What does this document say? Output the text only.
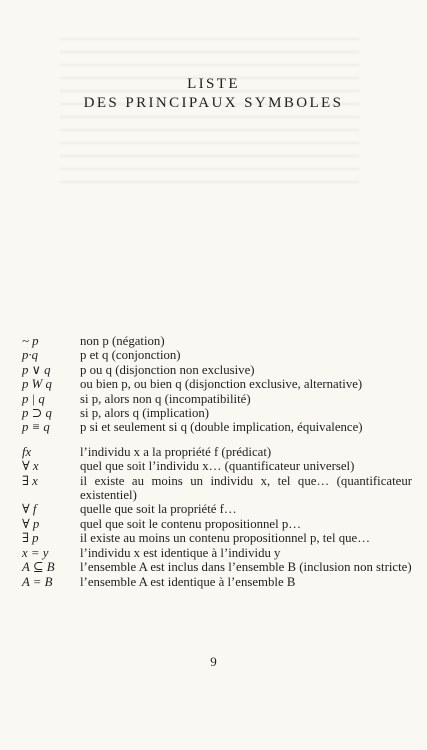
LISTE
DES PRINCIPAUX SYMBOLES
~ p	non p (négation)
p·q	p et q (conjonction)
p ∨ q	p ou q (disjonction non exclusive)
p W q	ou bien p, ou bien q (disjonction exclusive, alternative)
p | q	si p, alors non q (incompatibilité)
p ⊃ q	si p, alors q (implication)
p ≡ q	p si et seulement si q (double implication, équivalence)
fx	l’individu x a la propriété f (prédicat)
∀ x	quel que soit l’individu x… (quantificateur universel)
∃ x	il existe au moins un individu x, tel que… (quantificateur existentiel)
∀ f	quelle que soit la propriété f…
∀ p	quel que soit le contenu propositionnel p…
∃ p	il existe au moins un contenu propositionnel p, tel que…
x = y	l’individu x est identique à l’individu y
A ⊆ B	l’ensemble A est inclus dans l’ensemble B (inclusion non stricte)
A = B	l’ensemble A est identique à l’ensemble B
9
